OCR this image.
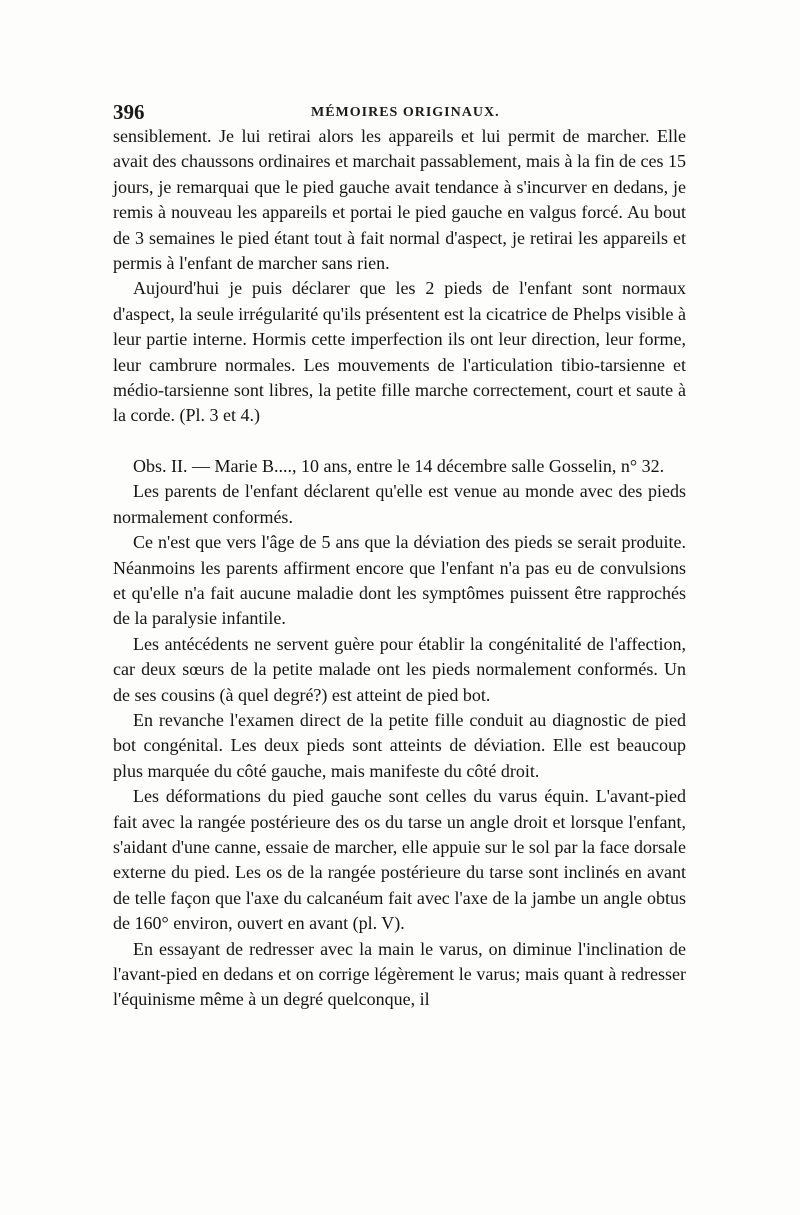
396	MÉMOIRES ORIGINAUX.

sensiblement. Je lui retirai alors les appareils et lui permit de marcher. Elle avait des chaussons ordinaires et marchait passablement, mais à la fin de ces 15 jours, je remarquai que le pied gauche avait tendance à s'incurver en dedans, je remis à nouveau les appareils et portai le pied gauche en valgus forcé. Au bout de 3 semaines le pied étant tout à fait normal d'aspect, je retirai les appareils et permis à l'enfant de marcher sans rien.

Aujourd'hui je puis déclarer que les 2 pieds de l'enfant sont normaux d'aspect, la seule irrégularité qu'ils présentent est la cicatrice de Phelps visible à leur partie interne. Hormis cette imperfection ils ont leur direction, leur forme, leur cambrure normales. Les mouvements de l'articulation tibio-tarsienne et médio-tarsienne sont libres, la petite fille marche correctement, court et saute à la corde. (Pl. 3 et 4.)

Obs. II. — Marie B...., 10 ans, entre le 14 décembre salle Gosselin, n° 32.

Les parents de l'enfant déclarent qu'elle est venue au monde avec des pieds normalement conformés.

Ce n'est que vers l'âge de 5 ans que la déviation des pieds se serait produite. Néanmoins les parents affirment encore que l'enfant n'a pas eu de convulsions et qu'elle n'a fait aucune maladie dont les symptômes puissent être rapprochés de la paralysie infantile.

Les antécédents ne servent guère pour établir la congénitalité de l'affection, car deux sœurs de la petite malade ont les pieds normalement conformés. Un de ses cousins (à quel degré?) est atteint de pied bot.

En revanche l'examen direct de la petite fille conduit au diagnostic de pied bot congénital. Les deux pieds sont atteints de déviation. Elle est beaucoup plus marquée du côté gauche, mais manifeste du côté droit.

Les déformations du pied gauche sont celles du varus équin. L'avant-pied fait avec la rangée postérieure des os du tarse un angle droit et lorsque l'enfant, s'aidant d'une canne, essaie de marcher, elle appuie sur le sol par la face dorsale externe du pied. Les os de la rangée postérieure du tarse sont inclinés en avant de telle façon que l'axe du calcanéum fait avec l'axe de la jambe un angle obtus de 160° environ, ouvert en avant (pl. V).

En essayant de redresser avec la main le varus, on diminue l'inclination de l'avant-pied en dedans et on corrige légèrement le varus; mais quant à redresser l'équinisme même à un degré quelconque, il
